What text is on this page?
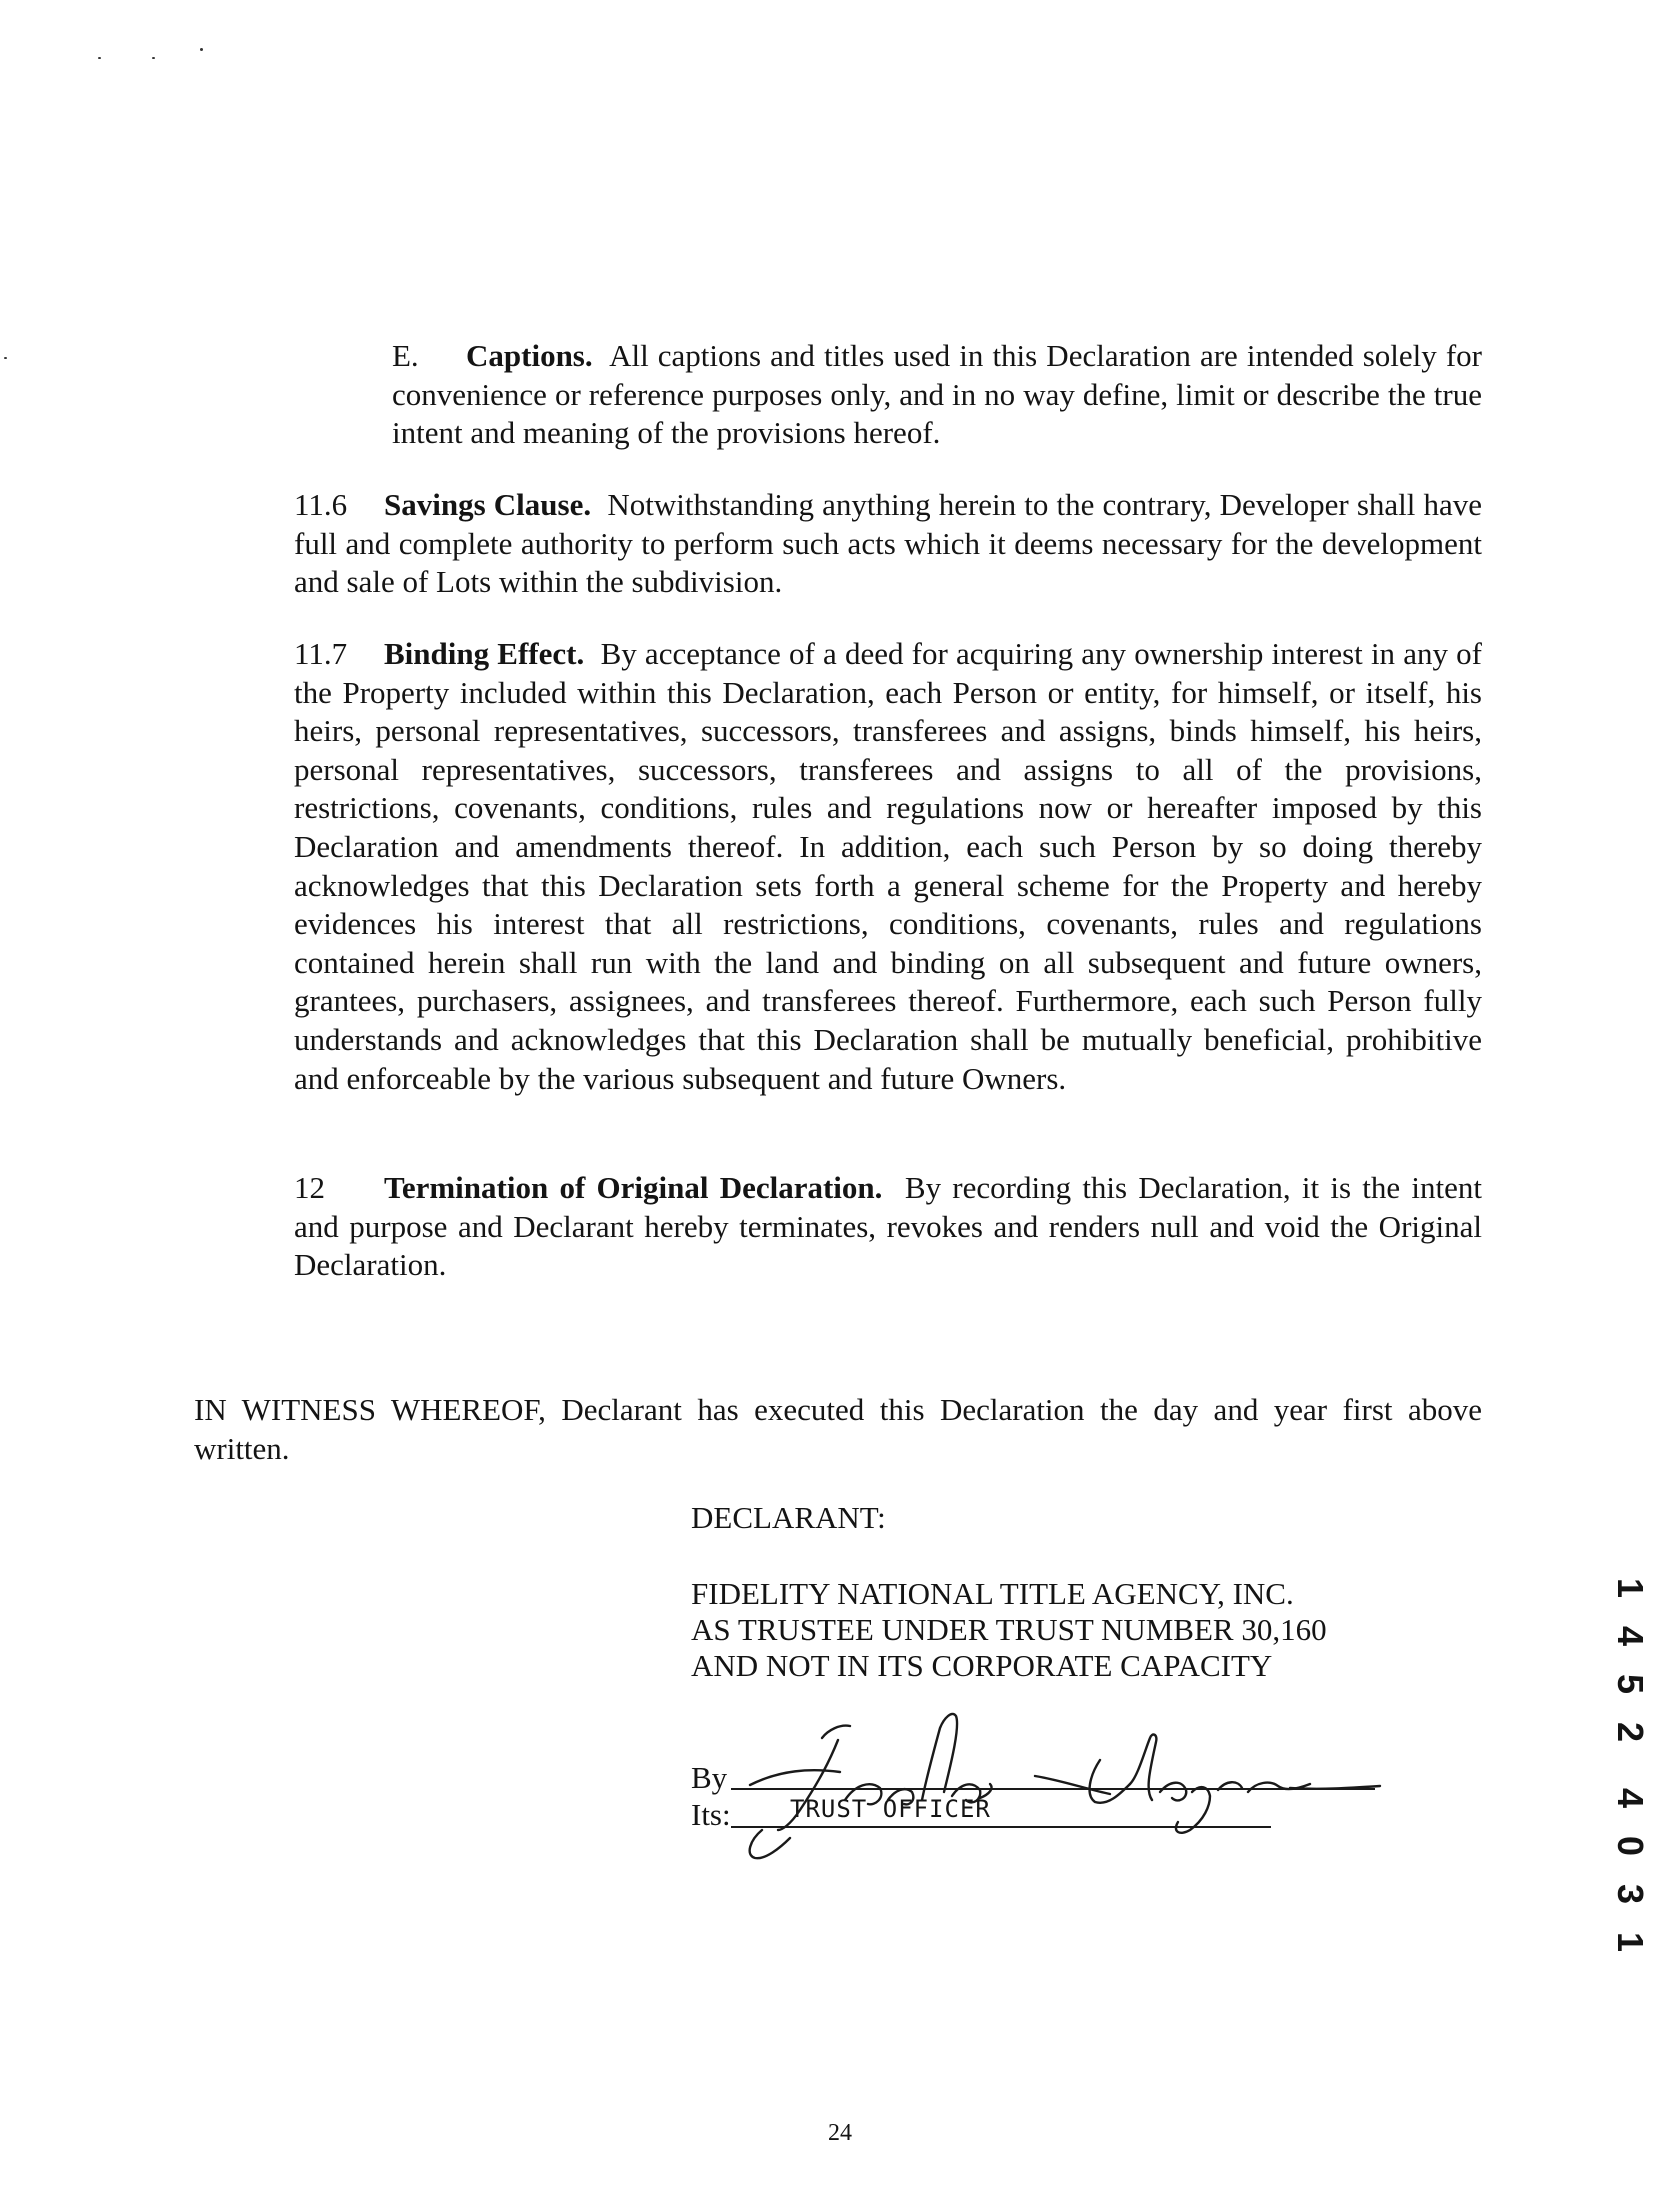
E. Captions. All captions and titles used in this Declaration are intended solely for convenience or reference purposes only, and in no way define, limit or describe the true intent and meaning of the provisions hereof.

11.6 Savings Clause. Notwithstanding anything herein to the contrary, Developer shall have full and complete authority to perform such acts which it deems necessary for the development and sale of Lots within the subdivision.

11.7 Binding Effect. By acceptance of a deed for acquiring any ownership interest in any of the Property included within this Declaration, each Person or entity, for himself, or itself, his heirs, personal representatives, successors, transferees and assigns, binds himself, his heirs, personal representatives, successors, transferees and assigns to all of the provisions, restrictions, covenants, conditions, rules and regulations now or hereafter imposed by this Declaration and amendments thereof. In addition, each such Person by so doing thereby acknowledges that this Declaration sets forth a general scheme for the Property and hereby evidences his interest that all restrictions, conditions, covenants, rules and regulations contained herein shall run with the land and binding on all subsequent and future owners, grantees, purchasers, assignees, and transferees thereof. Furthermore, each such Person fully understands and acknowledges that this Declaration shall be mutually beneficial, prohibitive and enforceable by the various subsequent and future Owners.

12 Termination of Original Declaration. By recording this Declaration, it is the intent and purpose and Declarant hereby terminates, revokes and renders null and void the Original Declaration.

IN WITNESS WHEREOF, Declarant has executed this Declaration the day and year first above written.

DECLARANT:
FIDELITY NATIONAL TITLE AGENCY, INC.
AS TRUSTEE UNDER TRUST NUMBER 30,160
AND NOT IN ITS CORPORATE CAPACITY
By
Its: TRUST OFFICER
24
1
4
5
2
4
0
3
1
